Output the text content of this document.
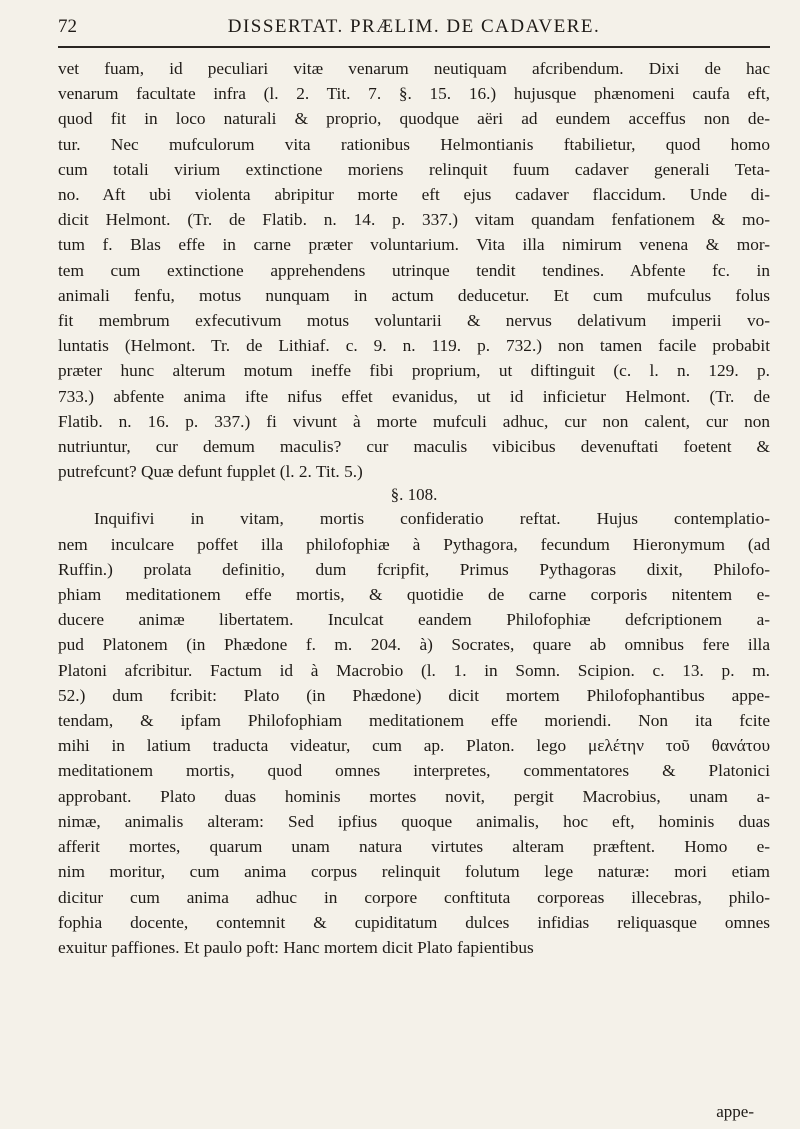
72	DISSERTAT. PRÆLIM. DE CADAVERE.
vet fuam, id peculiari vitæ venarum neutiquam afcribendum. Dixi de hac
venarum facultate infra (l. 2. Tit. 7. §. 15. 16.) hujusque phænomeni caufa eft,
quod fit in loco naturali & proprio, quodque aëri ad eundem acceffus non de-
tur. Nec mufculorum vita rationibus Helmontianis ftabilietur, quod homo
cum totali virium extinctione moriens relinquit fuum cadaver generali Teta-
no. Aft ubi violenta abripitur morte eft ejus cadaver flaccidum. Unde di-
dicit Helmont. (Tr. de Flatib. n. 14. p. 337.) vitam quandam fenfationem & mo-
tum f. Blas effe in carne præter voluntarium. Vita illa nimirum venena & mor-
tem cum extinctione apprehendens utrinque tendit tendines. Abfente fc. in
animali fenfu, motus nunquam in actum deducetur. Et cum mufculus folus
fit membrum exfecutivum motus voluntarii & nervus delativum imperii vo-
luntatis (Helmont. Tr. de Lithiaf. c. 9. n. 119. p. 732.) non tamen facile probabit
præter hunc alterum motum ineffe fibi proprium, ut diftinguit (c. l. n. 129. p.
733.) abfente anima ifte nifus effet evanidus, ut id inficietur Helmont. (Tr. de
Flatib. n. 16. p. 337.) fi vivunt à morte mufculi adhuc, cur non calent, cur non
nutriuntur, cur demum maculis? cur maculis vibicibus devenuftati foetent &
putrefcunt? Quæ defunt fupplet (l. 2. Tit. 5.)
§. 108.
Inquifivi in vitam, mortis confideratio reftat. Hujus contemplatio-
nem inculcare poffet illa philofophiæ à Pythagora, fecundum Hieronymum (ad
Ruffin.) prolata definitio, dum fcripfit, Primus Pythagoras dixit, Philofo-
phiam meditationem effe mortis, & quotidie de carne corporis nitentem e-
ducere animæ libertatem. Inculcat eandem Philofophiæ defcriptionem a-
pud Platonem (in Phædone f. m. 204. à) Socrates, quare ab omnibus fere illa
Platoni afcribitur. Factum id à Macrobio (l. 1. in Somn. Scipion. c. 13. p. m.
52.) dum fcribit: Plato (in Phædone) dicit mortem Philofophantibus appe-
tendam, & ipfam Philofophiam meditationem effe moriendi. Non ita fcite
mihi in latium traducta videatur, cum ap. Platon. lego μελέτην τοῦ θανάτου
meditationem mortis, quod omnes interpretes, commentatores & Platonici
approbant. Plato duas hominis mortes novit, pergit Macrobius, unam a-
nimæ, animalis alteram: Sed ipfius quoque animalis, hoc eft, hominis duas
afferit mortes, quarum unam natura virtutes alteram præftent. Homo e-
nim moritur, cum anima corpus relinquit folutum lege naturæ: mori etiam
dicitur cum anima adhuc in corpore conftituta corporeas illecebras, philo-
fophia docente, contemnit & cupiditatum dulces infidias reliquasque omnes
exuitur paffiones. Et paulo poft: Hanc mortem dicit Plato fapientibus
appe-
